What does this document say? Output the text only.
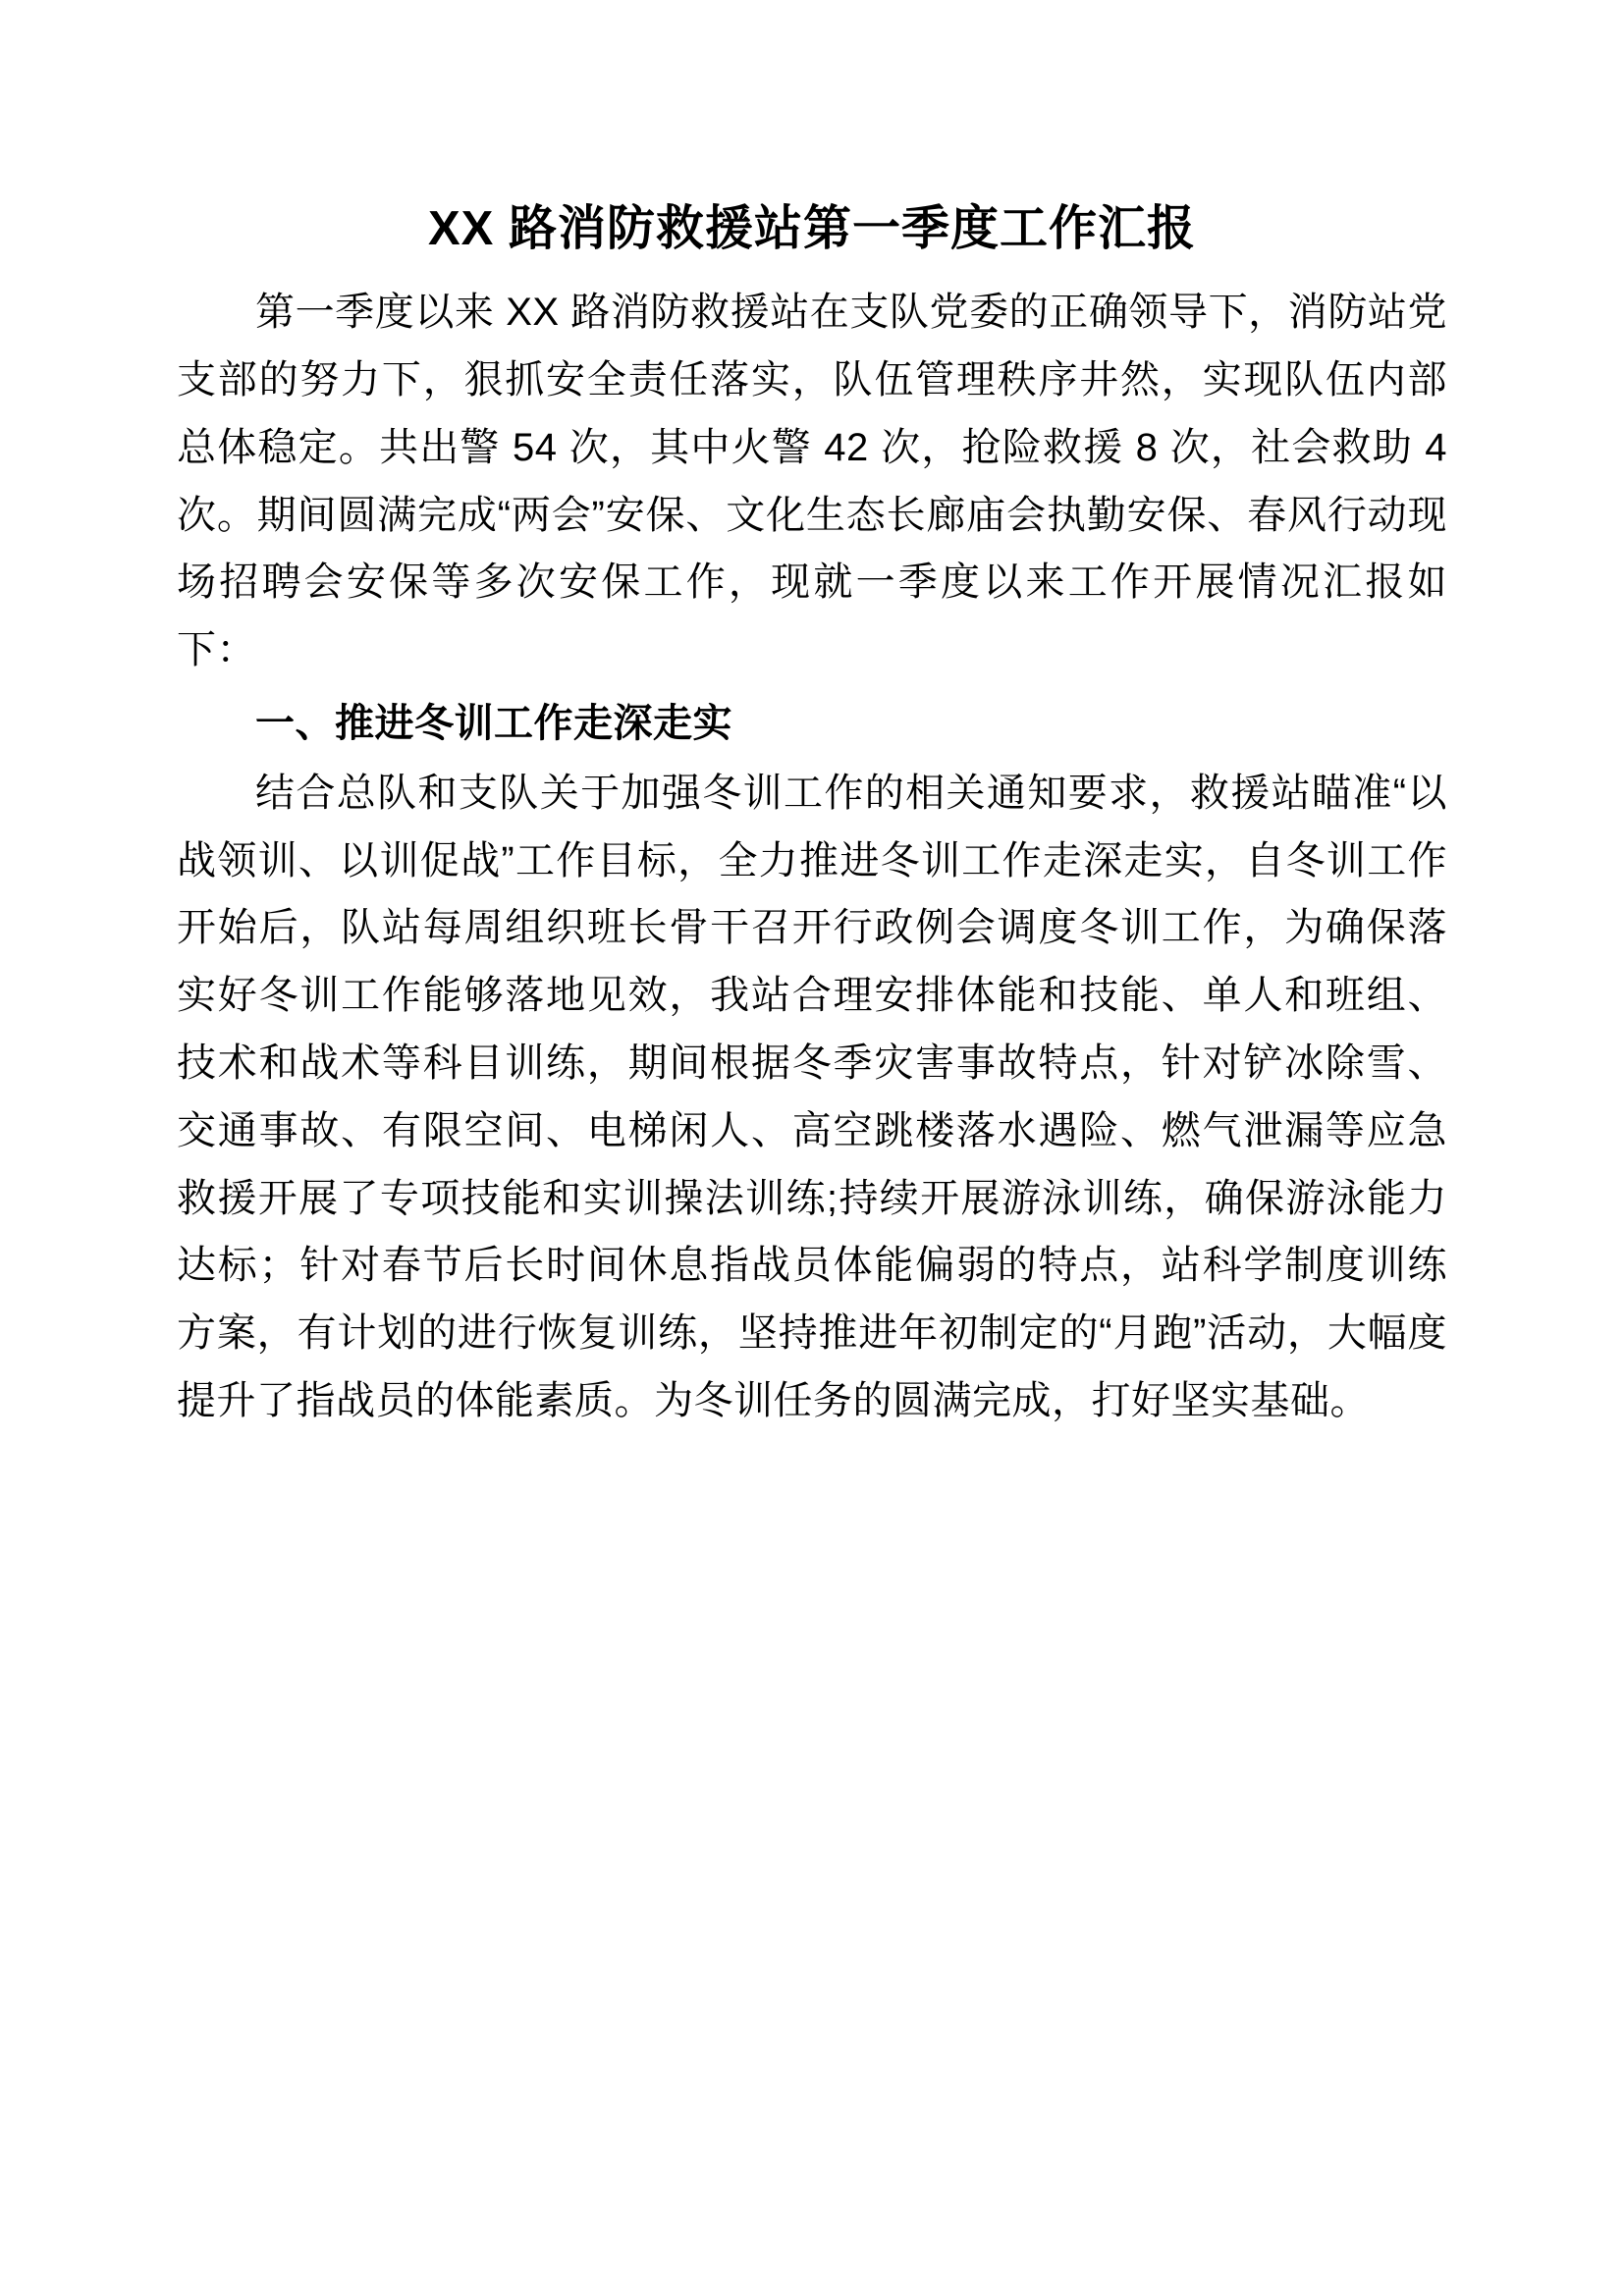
XX 路消防救援站第一季度工作汇报

第一季度以来 XX 路消防救援站在支队党委的正确领导下，消防站党支部的努力下，狠抓安全责任落实，队伍管理秩序井然，实现队伍内部总体稳定。共出警 54 次，其中火警 42 次，抢险救援 8 次，社会救助 4 次。期间圆满完成“两会”安保、文化生态长廊庙会执勤安保、春风行动现场招聘会安保等多次安保工作，现就一季度以来工作开展情况汇报如下：

一、推进冬训工作走深走实

结合总队和支队关于加强冬训工作的相关通知要求，救援站瞄准“以战领训、以训促战”工作目标，全力推进冬训工作走深走实，自冬训工作开始后，队站每周组织班长骨干召开行政例会调度冬训工作，为确保落实好冬训工作能够落地见效，我站合理安排体能和技能、单人和班组、技术和战术等科目训练，期间根据冬季灾害事故特点，针对铲冰除雪、交通事故、有限空间、电梯闲人、高空跳楼落水遇险、燃气泄漏等应急救援开展了专项技能和实训操法训练;持续开展游泳训练，确保游泳能力达标；针对春节后长时间休息指战员体能偏弱的特点，站科学制度训练方案，有计划的进行恢复训练，坚持推进年初制定的“月跑”活动，大幅度提升了指战员的体能素质。为冬训任务的圆满完成，打好坚实基础。
